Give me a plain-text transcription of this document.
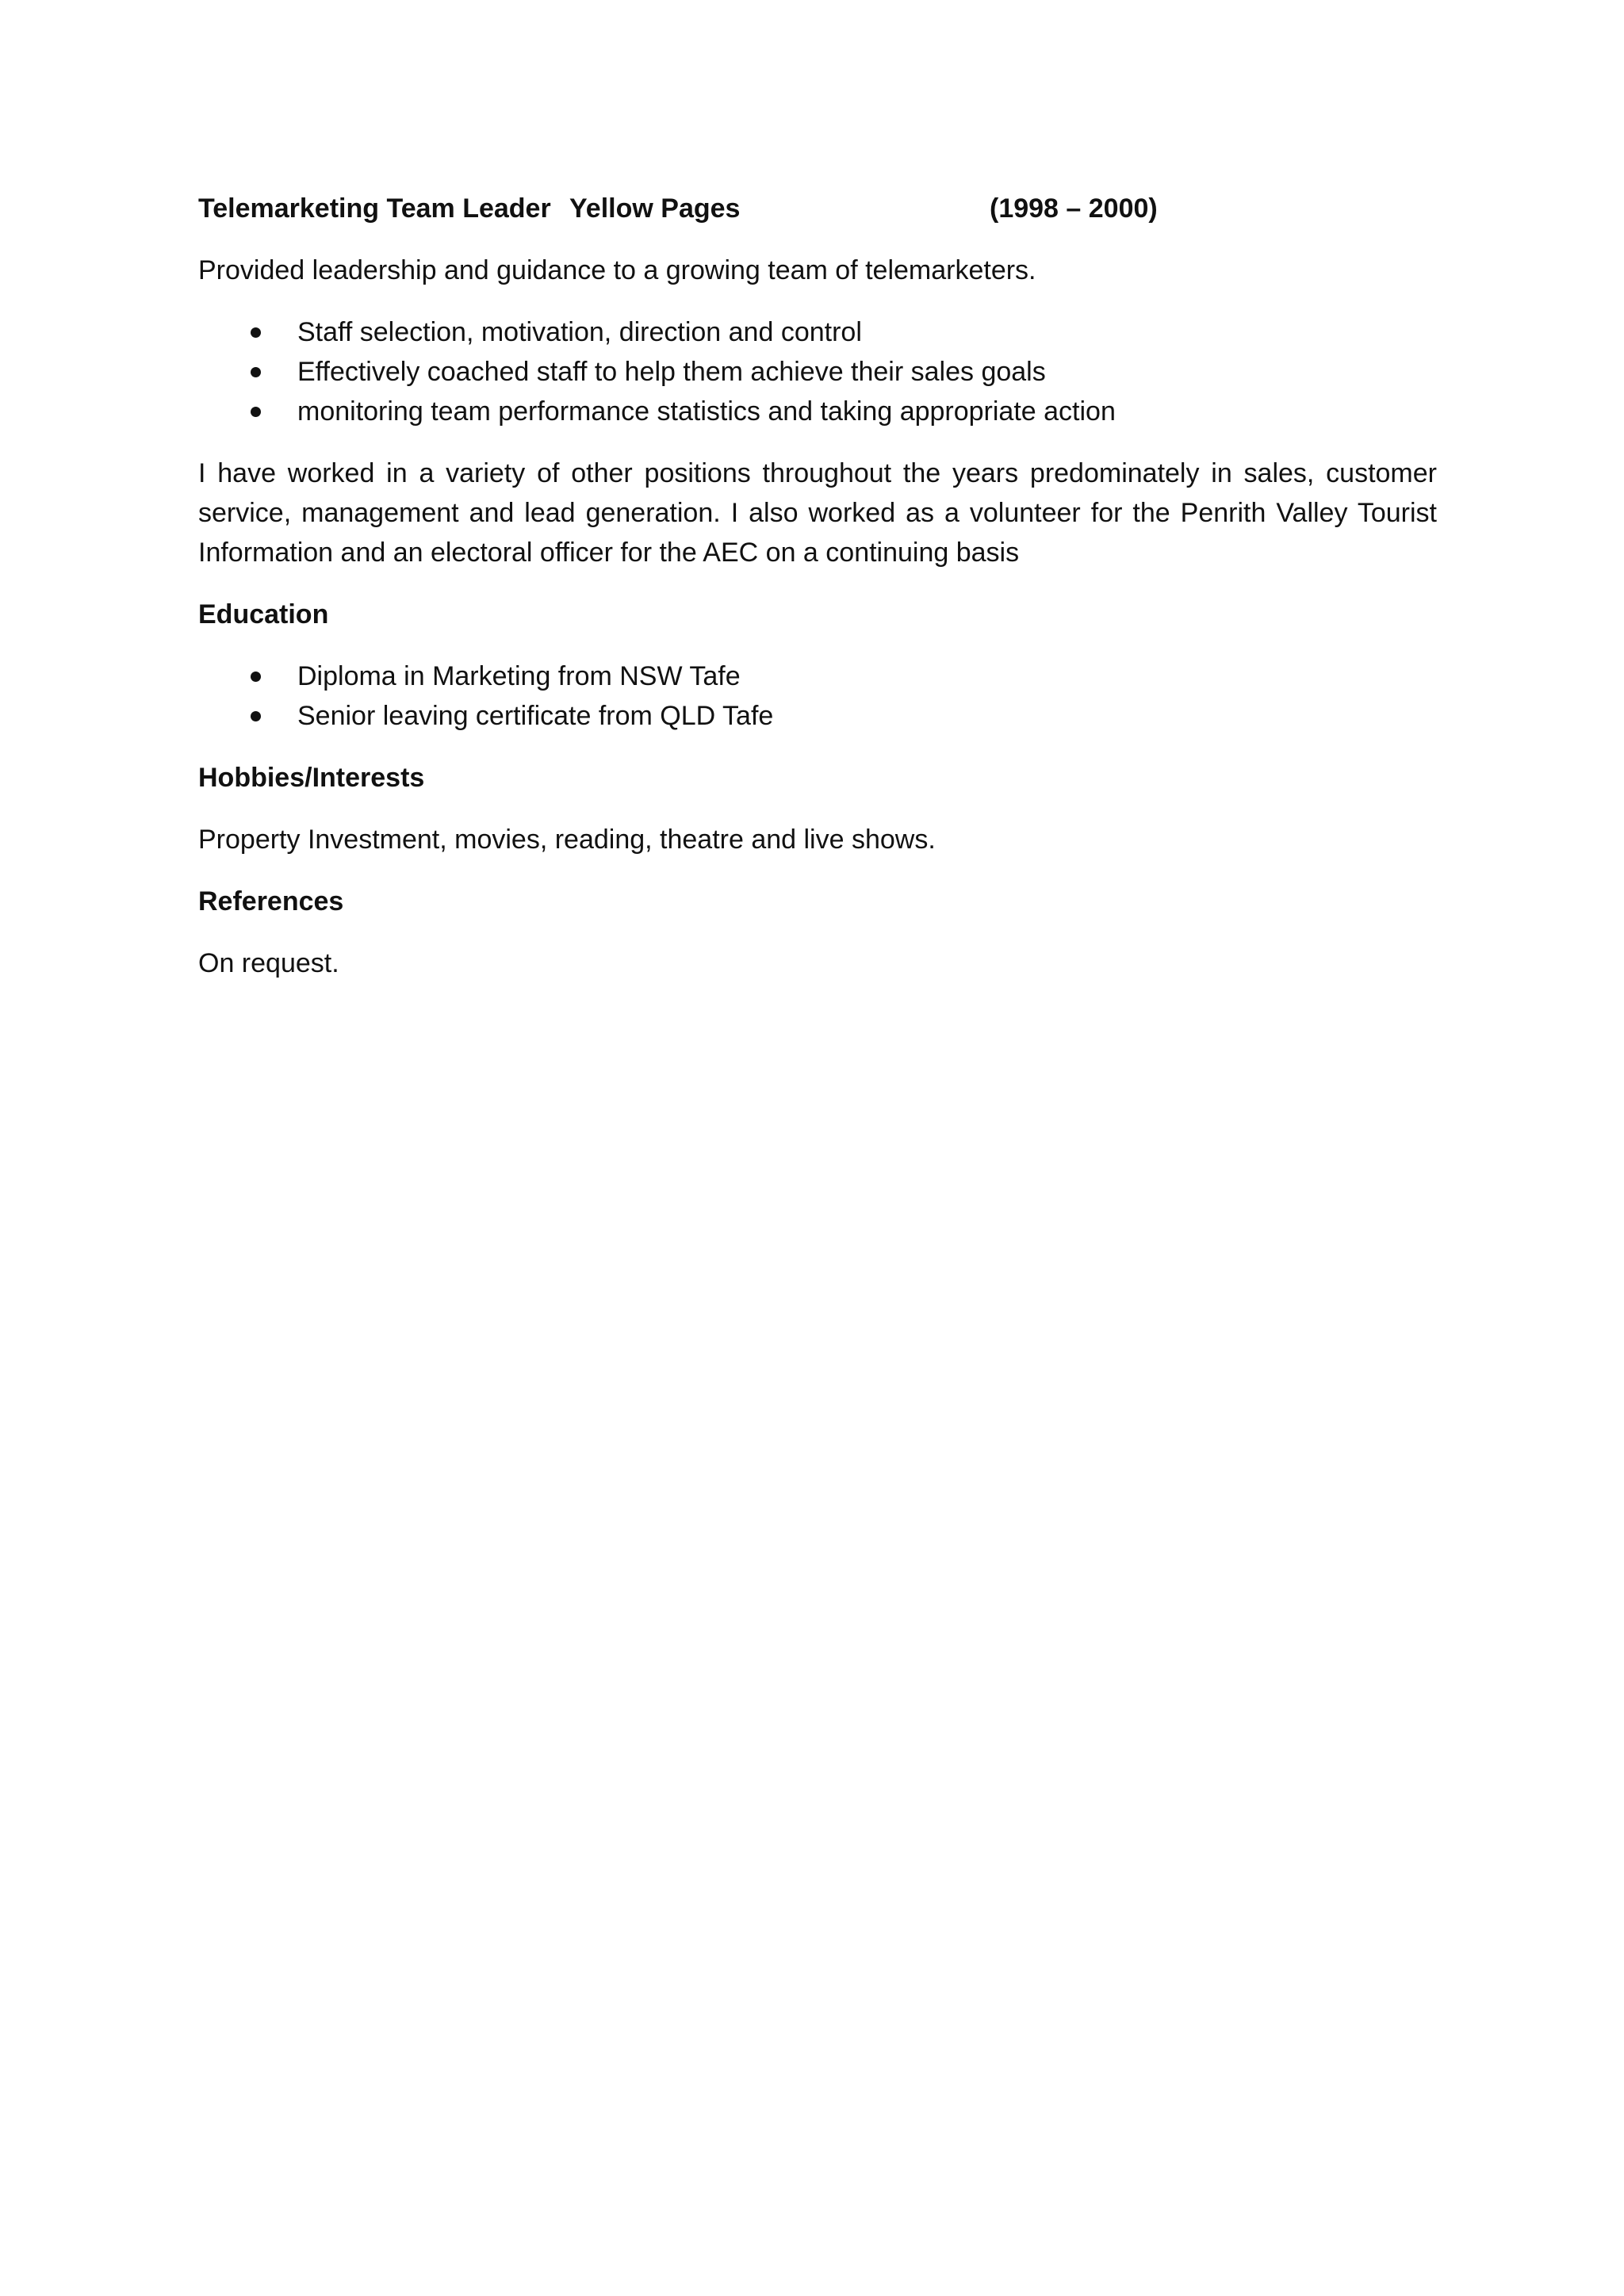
Telemarketing Team Leader Yellow Pages	(1998 – 2000)

Provided leadership and guidance to a growing team of telemarketers.

Staff selection, motivation, direction and control
Effectively coached staff to help them achieve their sales goals
monitoring team performance statistics and taking appropriate action

I have worked in a variety of other positions throughout the years predominately in sales, customer service, management and lead generation. I also worked as a volunteer for the Penrith Valley Tourist Information and an electoral officer for the AEC on a continuing basis

Education

Diploma in Marketing from NSW Tafe
Senior leaving certificate from QLD Tafe

Hobbies/Interests

Property Investment, movies, reading, theatre and live shows.

References

On request.
